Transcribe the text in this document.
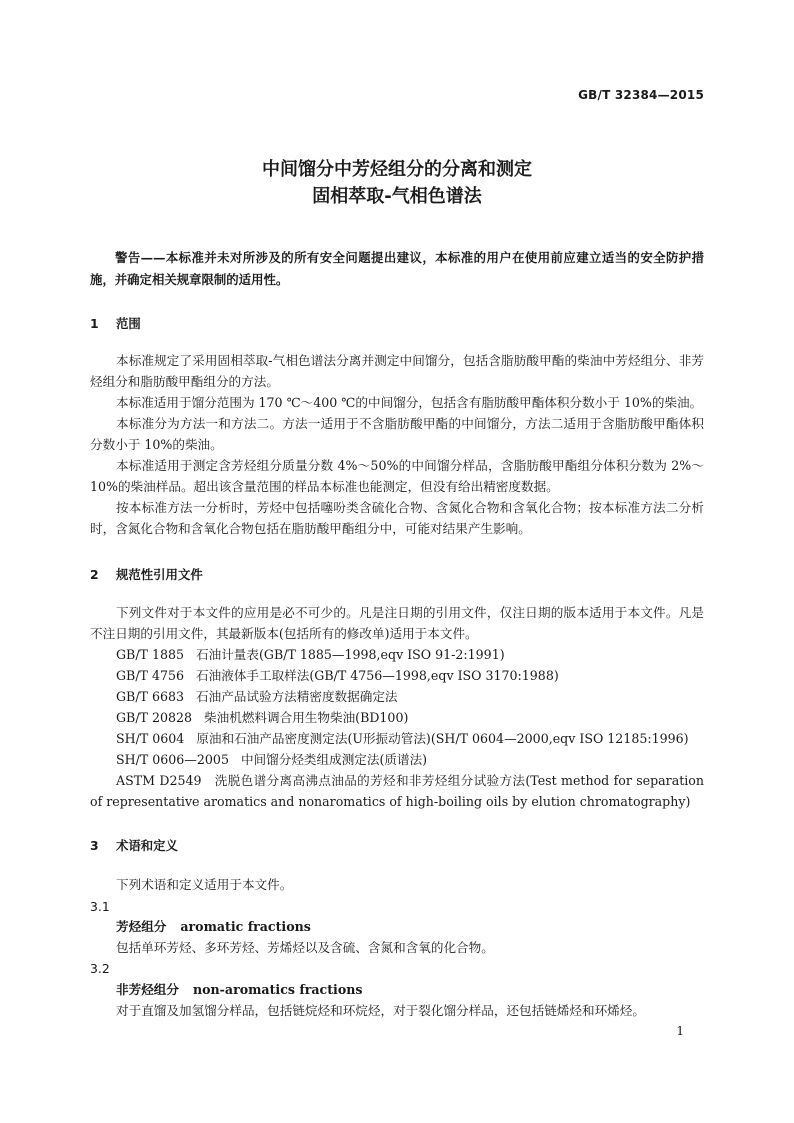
GB/T 32384—2015
中间馏分中芳烃组分的分离和测定
固相萃取-气相色谱法
警告——本标准并未对所涉及的所有安全问题提出建议，本标准的用户在使用前应建立适当的安全防护措施，并确定相关规章限制的适用性。
1 范围

本标准规定了采用固相萃取-气相色谱法分离并测定中间馏分，包括含脂肪酸甲酯的柴油中芳烃组分、非芳烃组分和脂肪酸甲酯组分的方法。

本标准适用于馏分范围为 170 ℃～400 ℃的中间馏分，包括含有脂肪酸甲酯体积分数小于 10%的柴油。

本标准分为方法一和方法二。方法一适用于不含脂肪酸甲酯的中间馏分，方法二适用于含脂肪酸甲酯体积分数小于 10%的柴油。

本标准适用于测定含芳烃组分质量分数 4%～50%的中间馏分样品，含脂肪酸甲酯组分体积分数为 2%～10%的柴油样品。超出该含量范围的样品本标准也能测定，但没有给出精密度数据。

按本标准方法一分析时，芳烃中包括噻吩类含硫化合物、含氮化合物和含氧化合物；按本标准方法二分析时，含氮化合物和含氧化合物包括在脂肪酸甲酯组分中，可能对结果产生影响。

2 规范性引用文件

下列文件对于本文件的应用是必不可少的。凡是注日期的引用文件，仅注日期的版本适用于本文件。凡是不注日期的引用文件，其最新版本(包括所有的修改单)适用于本文件。

GB/T 1885 石油计量表(GB/T 1885—1998,eqv ISO 91-2:1991)

GB/T 4756 石油液体手工取样法(GB/T 4756—1998,eqv ISO 3170:1988)

GB/T 6683 石油产品试验方法精密度数据确定法

GB/T 20828 柴油机燃料调合用生物柴油(BD100)

SH/T 0604 原油和石油产品密度测定法(U形振动管法)(SH/T 0604—2000,eqv ISO 12185:1996)

SH/T 0606—2005 中间馏分烃类组成测定法(质谱法)

ASTM D2549　洗脱色谱分离高沸点油品的芳烃和非芳烃组分试验方法(Test method for separation of representative aromatics and nonaromatics of high-boiling oils by elution chromatography)

3 术语和定义

下列术语和定义适用于本文件。

3.1
芳烃组分 aromatic fractions
包括单环芳烃、多环芳烃、芳烯烃以及含硫、含氮和含氧的化合物。
3.2
非芳烃组分 non-aromatics fractions
对于直馏及加氢馏分样品，包括链烷烃和环烷烃，对于裂化馏分样品，还包括链烯烃和环烯烃。
1
